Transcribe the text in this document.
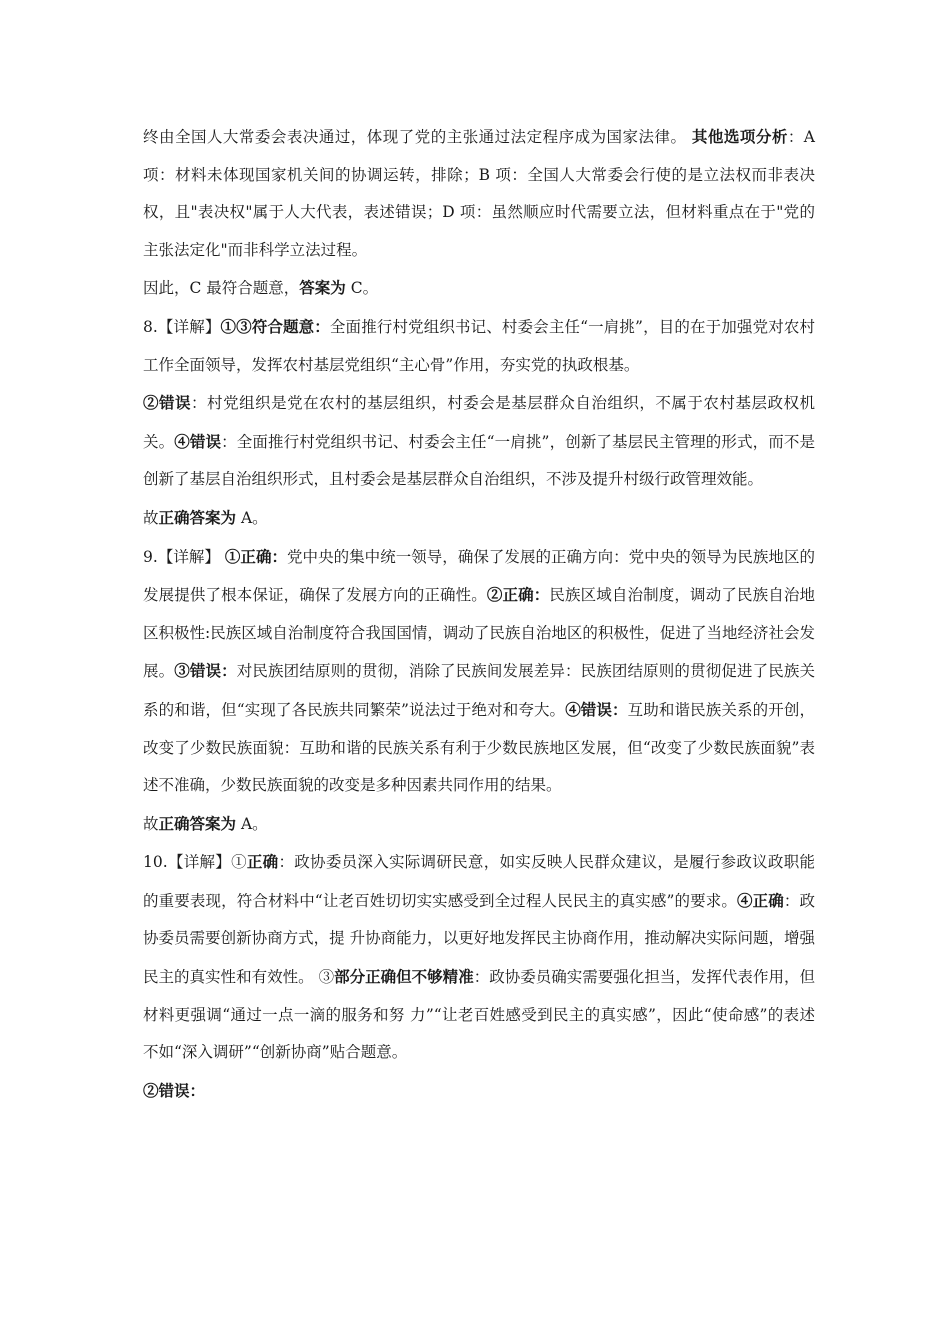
终由全国人大常委会表决通过，体现了党的主张通过法定程序成为国家法律。 其他选项分析：A 项：材料未体现国家机关间的协调运转，排除；B 项：全国人大常委会行使的是立法权而非表决权，且"表决权"属于人大代表，表述错误；D 项：虽然顺应时代需要立法，但材料重点在于"党的主张法定化"而非科学立法过程。

因此，C 最符合题意，答案为 C。

8.【详解】①③符合题意：全面推行村党组织书记、村委会主任“一肩挑”，目的在于加强党对农村工作全面领导，发挥农村基层党组织“主心骨”作用，夯实党的执政根基。

②错误：村党组织是党在农村的基层组织，村委会是基层群众自治组织，不属于农村基层政权机关。④错误：全面推行村党组织书记、村委会主任“一肩挑”，创新了基层民主管理的形式，而不是创新了基层自治组织形式，且村委会是基层群众自治组织，不涉及提升村级行政管理效能。

故正确答案为 A。

9.【详解】 ①正确：党中央的集中统一领导，确保了发展的正确方向：党中央的领导为民族地区的发展提供了根本保证，确保了发展方向的正确性。②正确：民族区域自治制度，调动了民族自治地区积极性:民族区域自治制度符合我国国情，调动了民族自治地区的积极性，促进了当地经济社会发展。③错误：对民族团结原则的贯彻，消除了民族间发展差异：民族团结原则的贯彻促进了民族关系的和谐，但“实现了各民族共同繁荣”说法过于绝对和夸大。④错误：互助和谐民族关系的开创，改变了少数民族面貌：互助和谐的民族关系有利于少数民族地区发展，但“改变了少数民族面貌”表述不准确，少数民族面貌的改变是多种因素共同作用的结果。

故正确答案为 A。

10.【详解】①正确：政协委员深入实际调研民意，如实反映人民群众建议，是履行参政议政职能的重要表现，符合材料中“让老百姓切切实实感受到全过程人民民主的真实感”的要求。④正确：政协委员需要创新协商方式，提 升协商能力，以更好地发挥民主协商作用，推动解决实际问题，增强民主的真实性和有效性。 ③部分正确但不够精准：政协委员确实需要强化担当，发挥代表作用，但材料更强调“通过一点一滴的服务和努 力”“让老百姓感受到民主的真实感”，因此“使命感”的表述不如“深入调研”“创新协商”贴合题意。

②错误：
